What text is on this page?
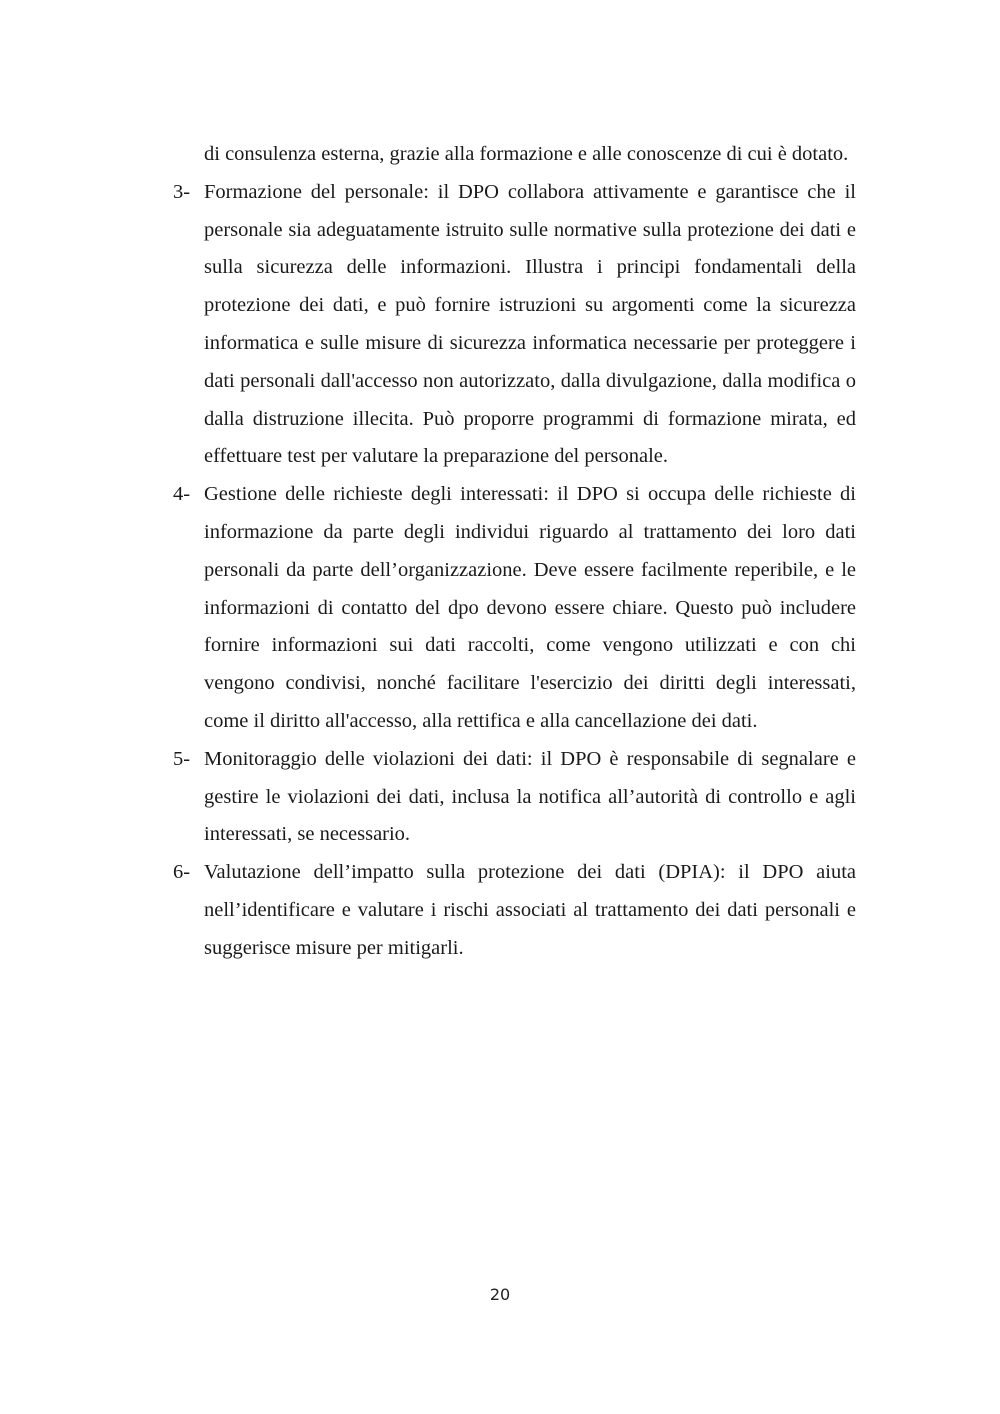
di consulenza esterna, grazie alla formazione e alle conoscenze di cui è dotato.

3- Formazione del personale: il DPO collabora attivamente e garantisce che il personale sia adeguatamente istruito sulle normative sulla protezione dei dati e sulla sicurezza delle informazioni. Illustra i principi fondamentali della protezione dei dati, e può fornire istruzioni su argomenti come la sicurezza informatica e sulle misure di sicurezza informatica necessarie per proteggere i dati personali dall'accesso non autorizzato, dalla divulgazione, dalla modifica o dalla distruzione illecita. Può proporre programmi di formazione mirata, ed effettuare test per valutare la preparazione del personale.

4- Gestione delle richieste degli interessati: il DPO si occupa delle richieste di informazione da parte degli individui riguardo al trattamento dei loro dati personali da parte dell’organizzazione. Deve essere facilmente reperibile, e le informazioni di contatto del dpo devono essere chiare. Questo può includere fornire informazioni sui dati raccolti, come vengono utilizzati e con chi vengono condivisi, nonché facilitare l'esercizio dei diritti degli interessati, come il diritto all'accesso, alla rettifica e alla cancellazione dei dati.

5- Monitoraggio delle violazioni dei dati: il DPO è responsabile di segnalare e gestire le violazioni dei dati, inclusa la notifica all’autorità di controllo e agli interessati, se necessario.

6- Valutazione dell’impatto sulla protezione dei dati (DPIA): il DPO aiuta nell’identificare e valutare i rischi associati al trattamento dei dati personali e suggerisce misure per mitigarli.

20
